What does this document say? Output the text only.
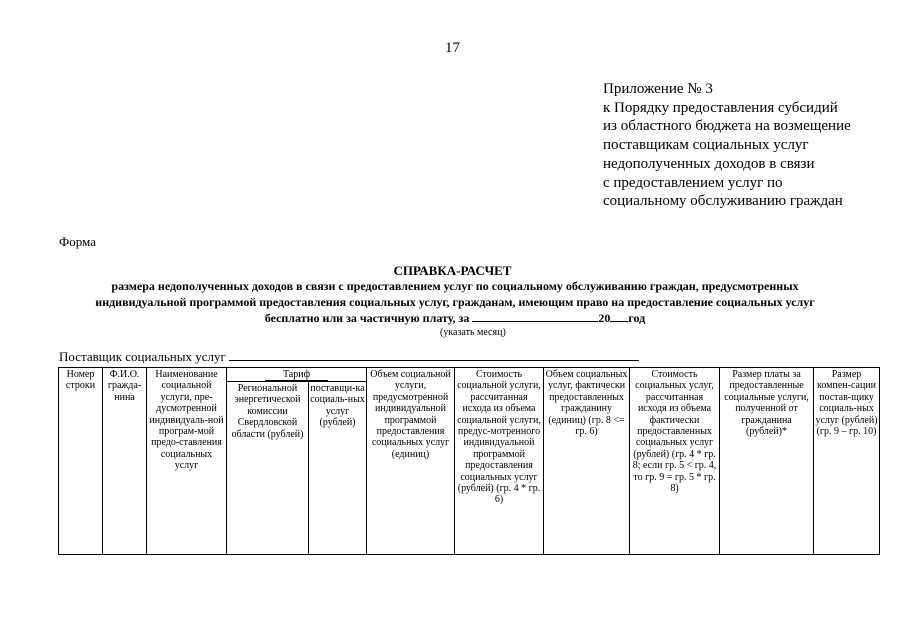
17
Приложение № 3
к Порядку предоставления субсидий
из областного бюджета на возмещение
поставщикам социальных услуг
недополученных доходов в связи
с предоставлением услуг по
социальному обслуживанию граждан
Форма
СПРАВКА-РАСЧЕТ
размера недополученных доходов в связи с предоставлением услуг по социальному обслуживанию граждан, предусмотренных
индивидуальной программой предоставления социальных услуг, гражданам, имеющим право на предоставление социальных услуг
бесплатно или за частичную плату, за	20 год
(указать месяц)
Поставщик социальных услуг
Номер строки	Ф.И.О. гражда-нина	Наименование социальной услуги, пре-дусмотренной индивидуаль-ной програм-мой предо-ставления социальных услуг	Тариф		Объем социальной услуги, предусмотренной индивидуальной программой предоставления социальных услуг (единиц)	Стоимость социальной услуги, рассчитанная исхода из объема социальной услуги, предус-мотренного индивидуальной программой предоставления социальных услуг (рублей) (гр. 4 * гр. 6)	Объем социальных услуг, фактически предоставленных гражданину (единиц) (гр. 8 <= гр. 6)	Стоимость социальных услуг, рассчитанная исходя из объема фактически предоставленных социальных услуг (рублей) (гр. 4 * гр. 8; если гр. 5 < гр. 4, то гр. 9 = гр. 5 * гр. 8)	Размер платы за предоставленные социальные услуги, полученной от гражданина (рублей)*	Размер компен-сации постав-щику социаль-ных услуг (рублей) (гр. 9 – гр. 10)
			Региональной энергетической комиссии Свердловской области (рублей)	поставщи-ка социаль-ных услуг (рублей)						
